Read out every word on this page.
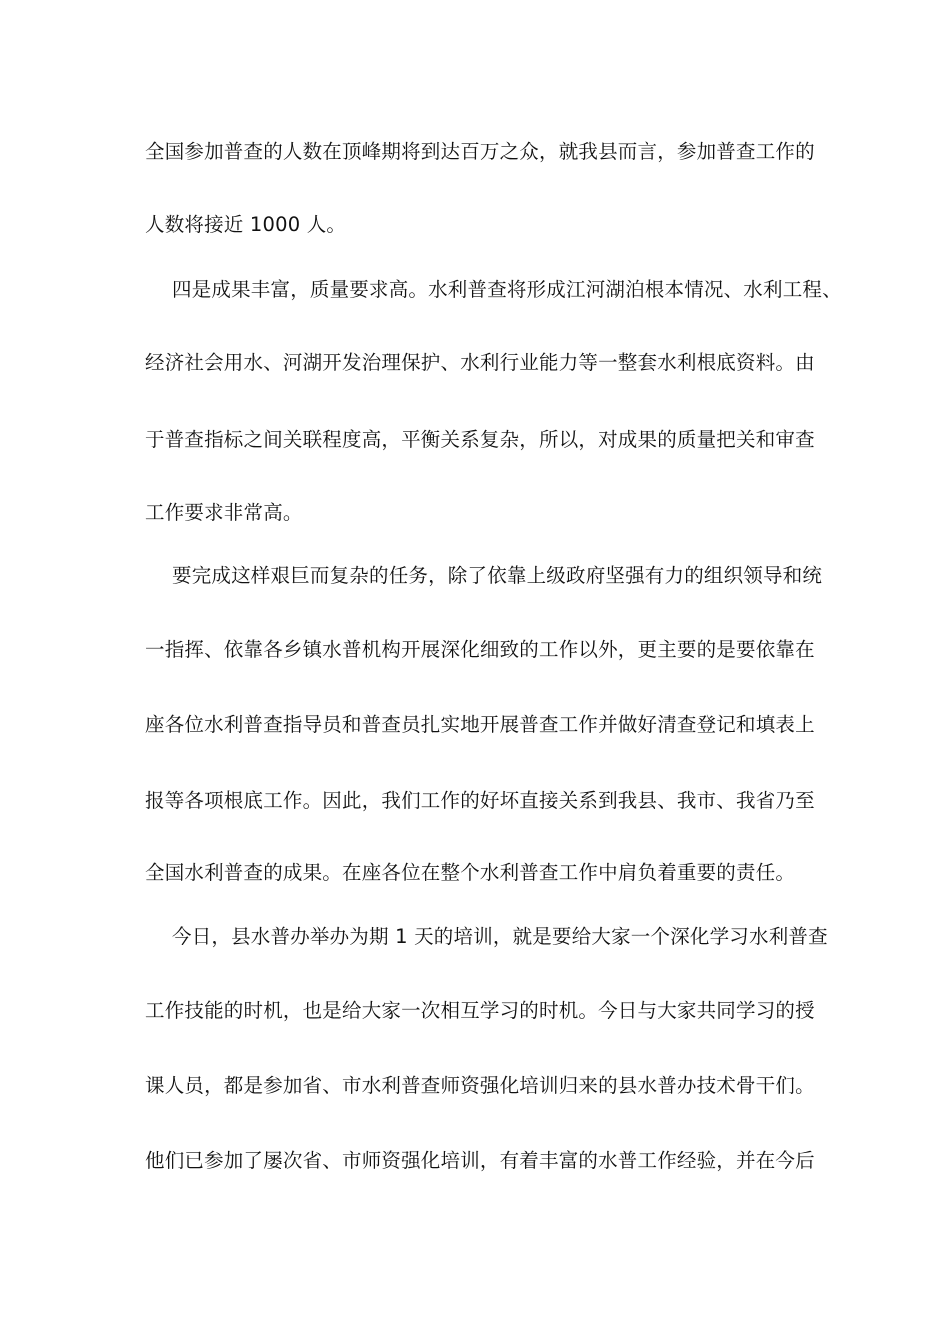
全国参加普查的人数在顶峰期将到达百万之众，就我县而言，参加普查工作的
人数将接近 1000 人。
四是成果丰富，质量要求高。水利普查将形成江河湖泊根本情况、水利工程、
经济社会用水、河湖开发治理保护、水利行业能力等一整套水利根底资料。由
于普查指标之间关联程度高，平衡关系复杂，所以，对成果的质量把关和审查
工作要求非常高。
要完成这样艰巨而复杂的任务，除了依靠上级政府坚强有力的组织领导和统
一指挥、依靠各乡镇水普机构开展深化细致的工作以外，更主要的是要依靠在
座各位水利普查指导员和普查员扎实地开展普查工作并做好清查登记和填表上
报等各项根底工作。因此，我们工作的好坏直接关系到我县、我市、我省乃至
全国水利普查的成果。在座各位在整个水利普查工作中肩负着重要的责任。
今日，县水普办举办为期 1 天的培训，就是要给大家一个深化学习水利普查
工作技能的时机，也是给大家一次相互学习的时机。今日与大家共同学习的授
课人员，都是参加省、市水利普查师资强化培训归来的县水普办技术骨干们。
他们已参加了屡次省、市师资强化培训，有着丰富的水普工作经验，并在今后
